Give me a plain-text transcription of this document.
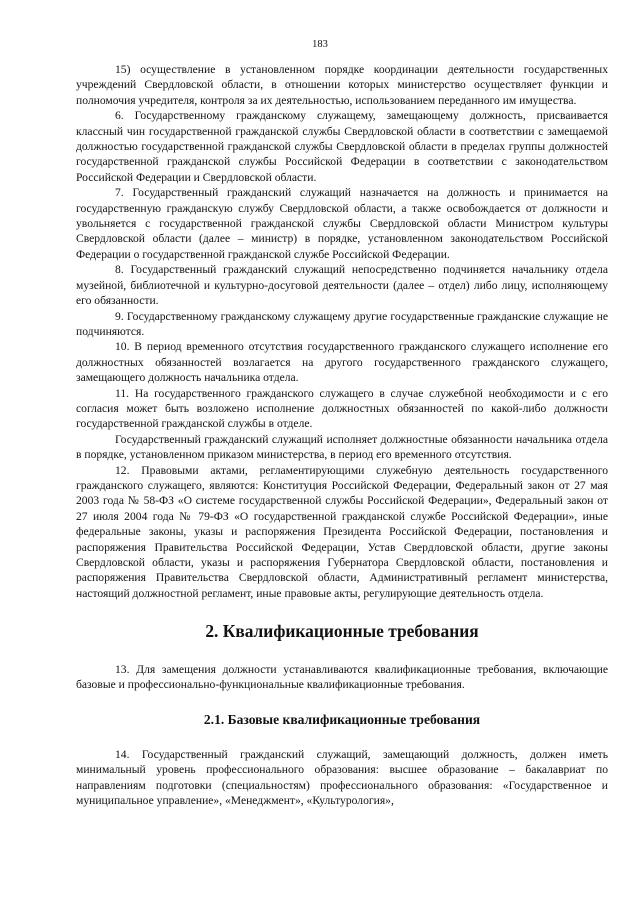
183

15) осуществление в установленном порядке координации деятельности государственных учреждений Свердловской области, в отношении которых министерство осуществляет функции и полномочия учредителя, контроля за их деятельностью, использованием переданного им имущества.

6. Государственному гражданскому служащему, замещающему должность, присваивается классный чин государственной гражданской службы Свердловской области в соответствии с замещаемой должностью государственной гражданской службы Свердловской области в пределах группы должностей государственной гражданской службы Российской Федерации в соответствии с законодательством Российской Федерации и Свердловской области.

7. Государственный гражданский служащий назначается на должность и принимается на государственную гражданскую службу Свердловской области, а также освобождается от должности и увольняется с государственной гражданской службы Свердловской области Министром культуры Свердловской области (далее – министр) в порядке, установленном законодательством Российской Федерации о государственной гражданской службе Российской Федерации.

8. Государственный гражданский служащий непосредственно подчиняется начальнику отдела музейной, библиотечной и культурно-досуговой деятельности (далее – отдел) либо лицу, исполняющему его обязанности.

9. Государственному гражданскому служащему другие государственные гражданские служащие не подчиняются.

10. В период временного отсутствия государственного гражданского служащего исполнение его должностных обязанностей возлагается на другого государственного гражданского служащего, замещающего должность начальника отдела.

11. На государственного гражданского служащего в случае служебной необходимости и с его согласия может быть возложено исполнение должностных обязанностей по какой-либо должности государственной гражданской службы в отделе.

Государственный гражданский служащий исполняет должностные обязанности начальника отдела в порядке, установленном приказом министерства, в период его временного отсутствия.

12. Правовыми актами, регламентирующими служебную деятельность государственного гражданского служащего, являются: Конституция Российской Федерации, Федеральный закон от 27 мая 2003 года № 58-ФЗ «О системе государственной службы Российской Федерации», Федеральный закон от 27 июля 2004 года № 79-ФЗ «О государственной гражданской службе Российской Федерации», иные федеральные законы, указы и распоряжения Президента Российской Федерации, постановления и распоряжения Правительства Российской Федерации, Устав Свердловской области, другие законы Свердловской области, указы и распоряжения Губернатора Свердловской области, постановления и распоряжения Правительства Свердловской области, Административный регламент министерства, настоящий должностной регламент, иные правовые акты, регулирующие деятельность отдела.

2. Квалификационные требования

13. Для замещения должности устанавливаются квалификационные требования, включающие базовые и профессионально-функциональные квалификационные требования.

2.1. Базовые квалификационные требования

14. Государственный гражданский служащий, замещающий должность, должен иметь минимальный уровень профессионального образования: высшее образование – бакалавриат по направлениям подготовки (специальностям) профессионального образования: «Государственное и муниципальное управление», «Менеджмент», «Культурология»,
